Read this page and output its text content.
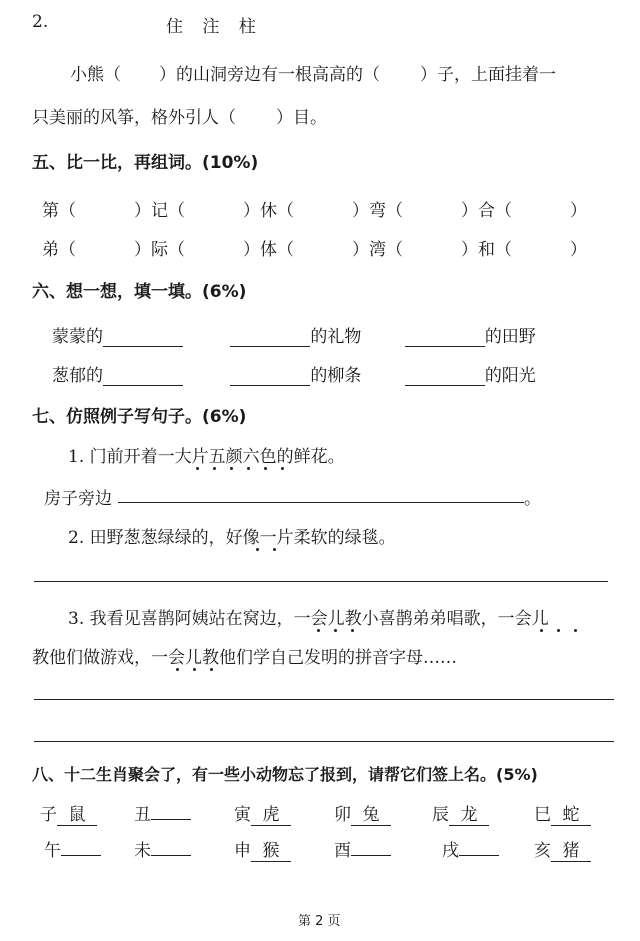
2.	住 注 柱
小熊（ ）的山洞旁边有一根高高的（ ）子，上面挂着一
只美丽的风筝，格外引人（ ）目。
五、比一比，再组词。(10%)
第（	）记（	）休（	）弯（	）合（	）
弟（	）际（	）体（	）湾（	）和（	）
六、想一想，填一填。(6%)
蒙蒙的	的礼物	的田野
葱郁的	的柳条	的阳光
七、仿照例子写句子。(6%)
1. 门前开着一大片五颜六色的鲜花。
房子旁边	。
2. 田野葱葱绿绿的，好像一片柔软的绿毯。
3. 我看见喜鹊阿姨站在窝边，一会儿教小喜鹊弟弟唱歌，一会儿
教他们做游戏，一会儿教他们学自己发明的拼音字母……
八、十二生肖聚会了，有一些小动物忘了报到，请帮它们签上名。(5%)
子 鼠	丑	寅 虎	卯 兔	辰 龙	巳 蛇
午	未	申 猴	酉	戌	亥 猪
第 2 页
